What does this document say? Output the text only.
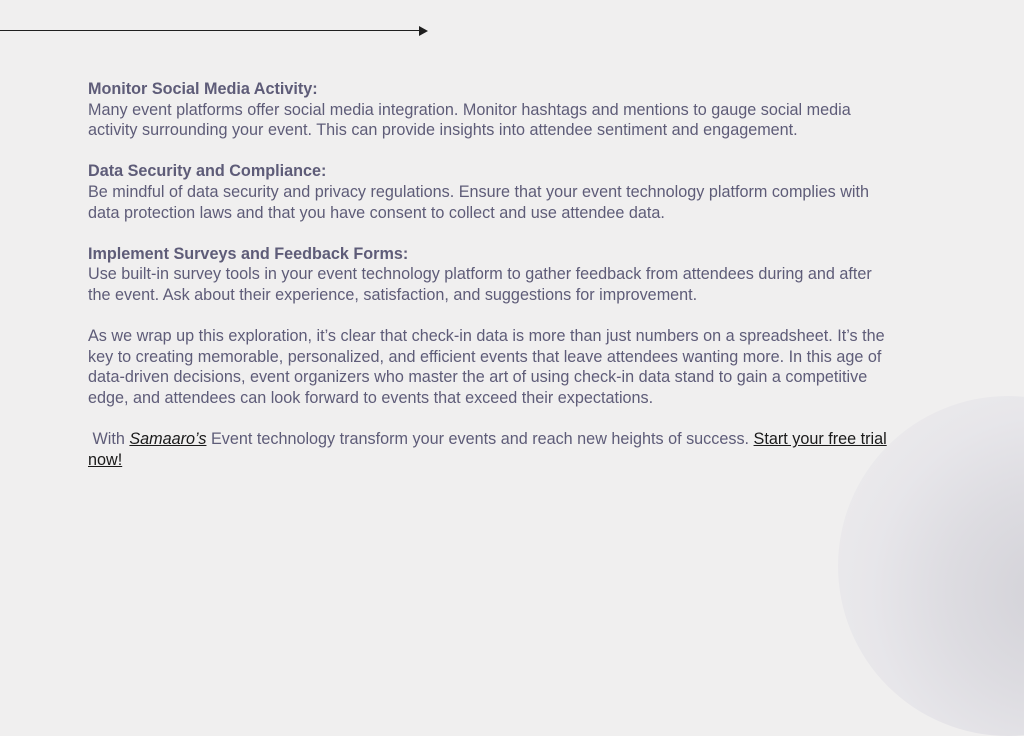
Monitor Social Media Activity:
Many event platforms offer social media integration. Monitor hashtags and mentions to gauge social media activity surrounding your event. This can provide insights into attendee sentiment and engagement.
Data Security and Compliance:
Be mindful of data security and privacy regulations. Ensure that your event technology platform complies with data protection laws and that you have consent to collect and use attendee data.
Implement Surveys and Feedback Forms:
Use built-in survey tools in your event technology platform to gather feedback from attendees during and after the event. Ask about their experience, satisfaction, and suggestions for improvement.
As we wrap up this exploration, it’s clear that check-in data is more than just numbers on a spreadsheet. It’s the key to creating memorable, personalized, and efficient events that leave attendees wanting more. In this age of data-driven decisions, event organizers who master the art of using check-in data stand to gain a competitive edge, and attendees can look forward to events that exceed their expectations.

With Samaaro’s Event technology transform your events and reach new heights of success. Start your free trial now!
